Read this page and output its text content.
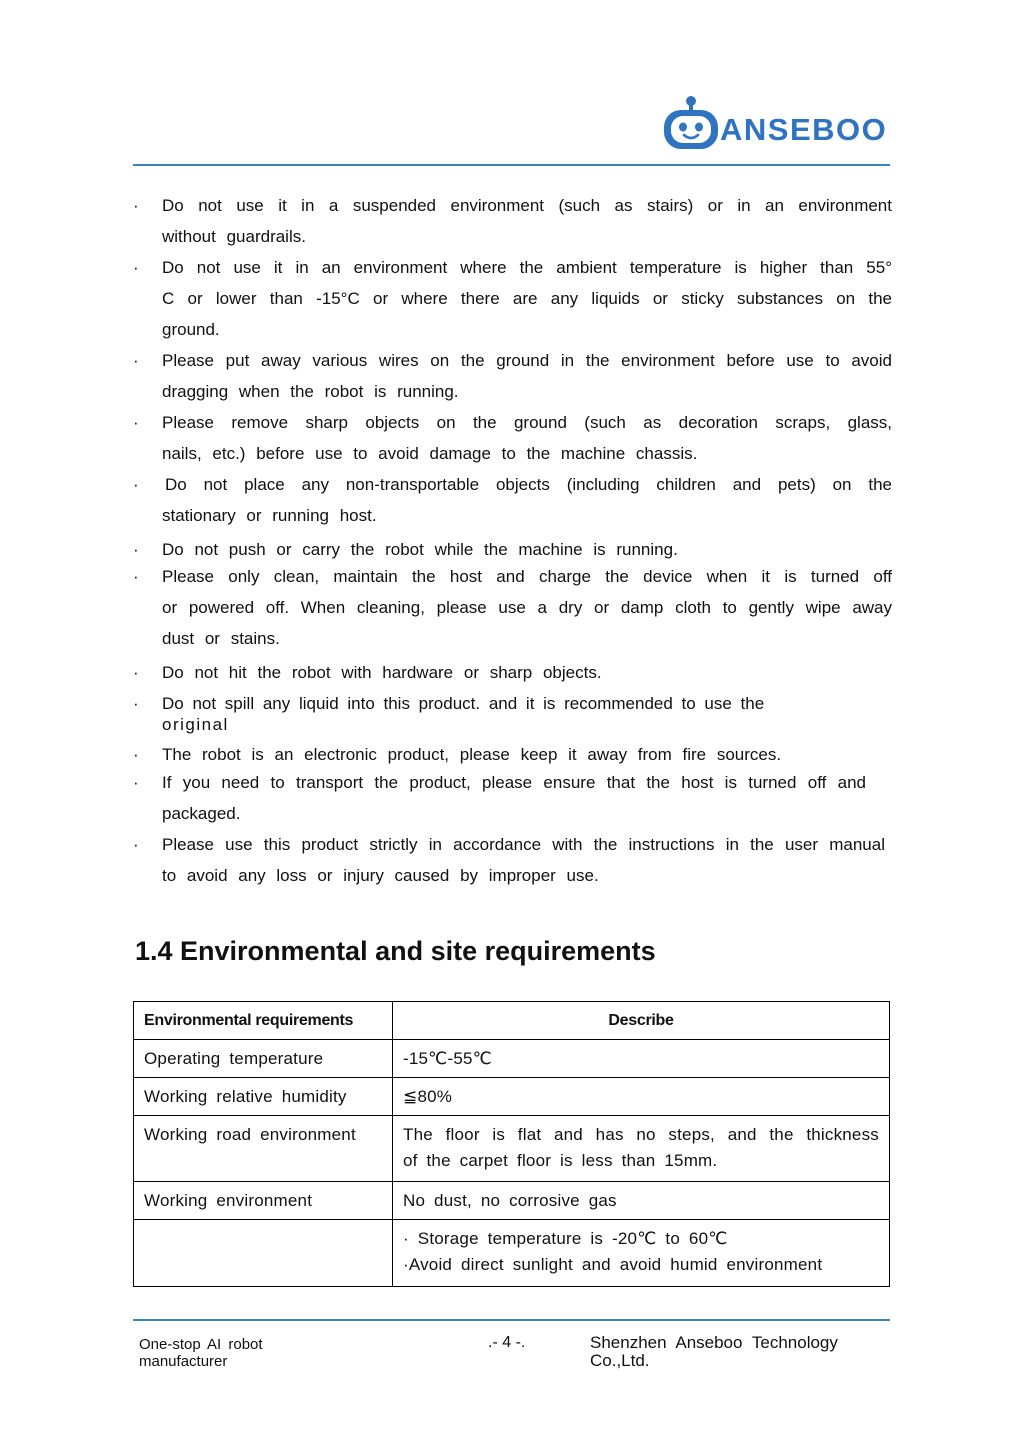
ANSEBOO
· Do not use it in a suspended environment (such as stairs) or in an environment
without guardrails.
· Do not use it in an environment where the ambient temperature is higher than 55°
C or lower than -15°C or where there are any liquids or sticky substances on the
ground.
· Please put away various wires on the ground in the environment before use to avoid
dragging when the robot is running.
· Please remove sharp objects on the ground (such as decoration scraps, glass,
nails, etc.) before use to avoid damage to the machine chassis.
· Do not place any non-transportable objects (including children and pets) on the
stationary or running host.
· Do not push or carry the robot while the machine is running.
· Please only clean, maintain the host and charge the device when it is turned off
or powered off. When cleaning, please use a dry or damp cloth to gently wipe away
dust or stains.
· Do not hit the robot with hardware or sharp objects.
· Do not spill any liquid into this product. and it is recommended to use the
original
· The robot is an electronic product, please keep it away from fire sources.
· If you need to transport the product, please ensure that the host is turned off and
packaged.
· Please use this product strictly in accordance with the instructions in the user manual
to avoid any loss or injury caused by improper use.
1.4 Environmental and site requirements
Environmental requirements	Describe
Operating temperature	-15℃-55℃

Working relative humidity	≦80%

Working road environment	The floor is flat and has no steps, and the thickness
of the carpet floor is less than 15mm.

Working environment	No dust, no corrosive gas

	· Storage temperature is -20℃ to 60℃
·Avoid direct sunlight and avoid humid environment
One-stop AI robot
manufacturer
.- 4 -.	Shenzhen Anseboo Technology
Co.,Ltd.
